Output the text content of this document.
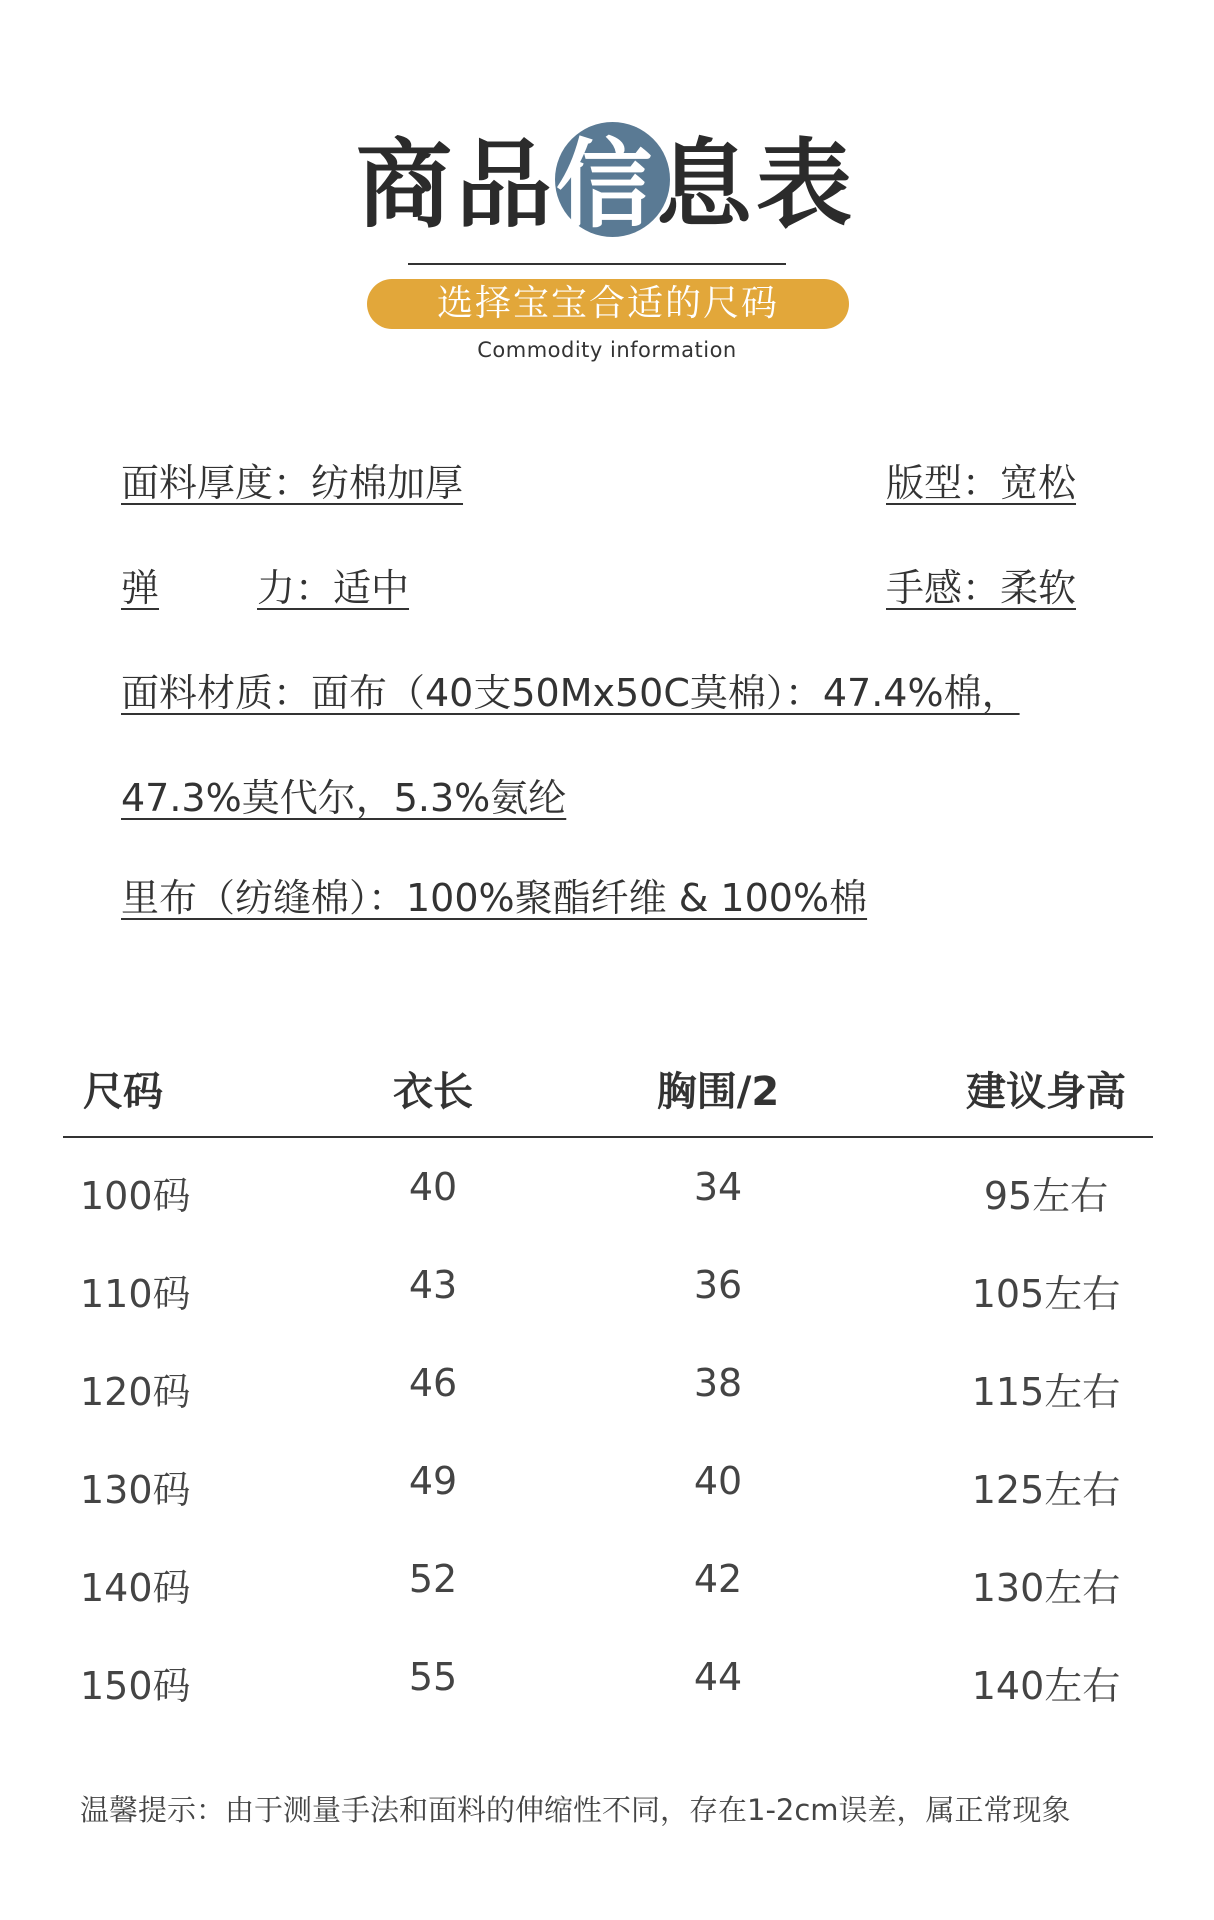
商 品 信 息 表
选择宝宝合适的尺码
Commodity information
面料厚度：纺棉加厚	版型：宽松
弹	力：适中	手感：柔软
面料材质：面布（40支50Mx50C莫棉）：47.4%棉，
47.3%莫代尔，5.3%氨纶
里布（纺缝棉）：100%聚酯纤维 & 100%棉
尺码	衣长	胸围/2	建议身高
100码	40	34	95左右
110码	43	36	105左右
120码	46	38	115左右
130码	49	40	125左右
140码	52	42	130左右
150码	55	44	140左右
温馨提示：由于测量手法和面料的伸缩性不同，存在1-2cm误差，属正常现象
